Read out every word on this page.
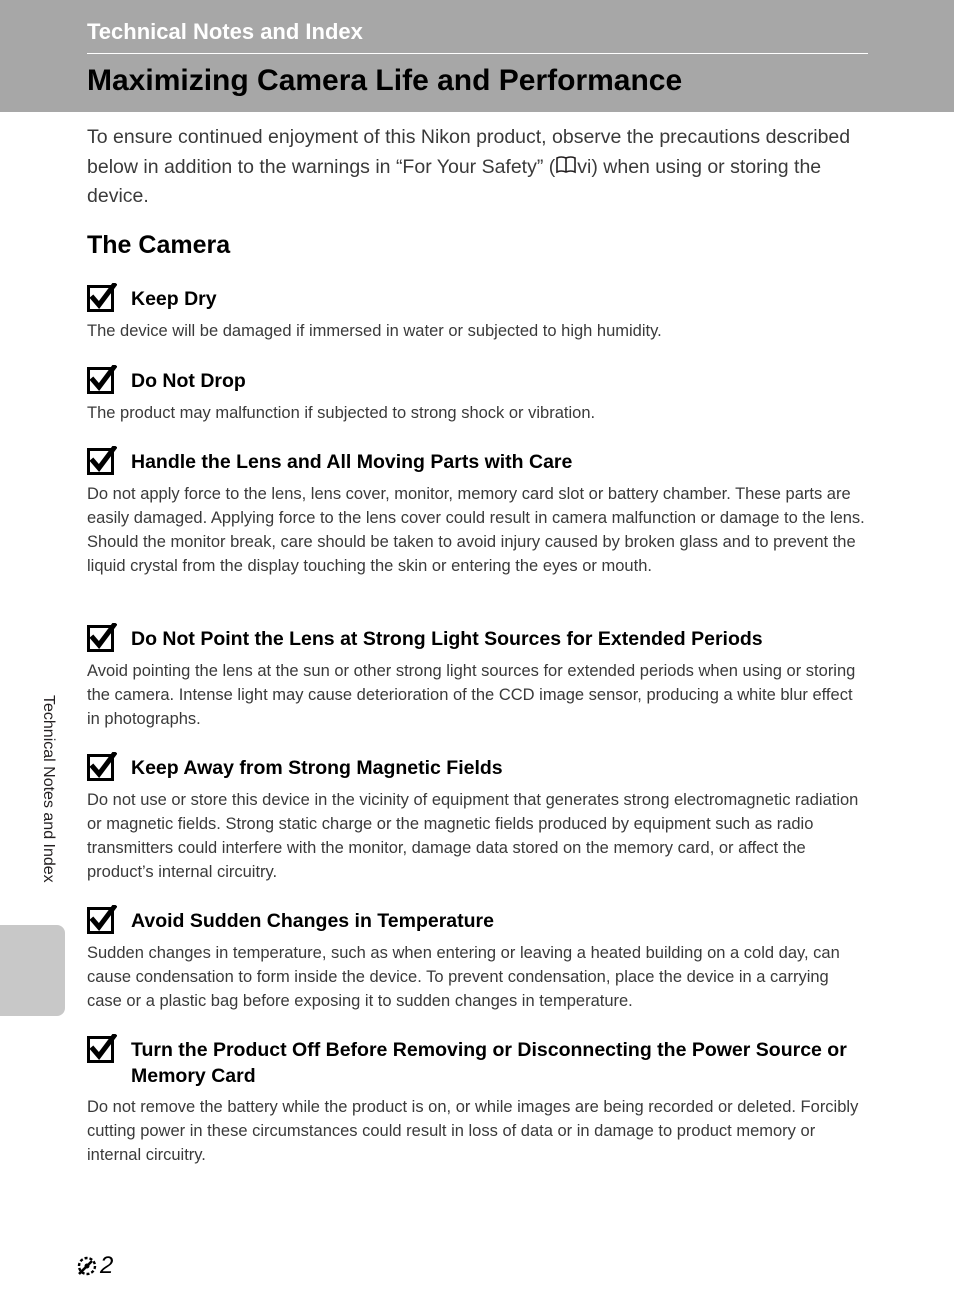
Technical Notes and Index
Maximizing Camera Life and Performance
To ensure continued enjoyment of this Nikon product, observe the precautions described below in addition to the warnings in “For Your Safety” ( vi) when using or storing the device.
The Camera
Keep Dry

The device will be damaged if immersed in water or subjected to high humidity.

Do Not Drop

The product may malfunction if subjected to strong shock or vibration.

Handle the Lens and All Moving Parts with Care

Do not apply force to the lens, lens cover, monitor, memory card slot or battery chamber. These parts are easily damaged. Applying force to the lens cover could result in camera malfunction or damage to the lens. Should the monitor break, care should be taken to avoid injury caused by broken glass and to prevent the liquid crystal from the display touching the skin or entering the eyes or mouth.

Do Not Point the Lens at Strong Light Sources for Extended Periods

Avoid pointing the lens at the sun or other strong light sources for extended periods when using or storing the camera. Intense light may cause deterioration of the CCD image sensor, producing a white blur effect in photographs.

Keep Away from Strong Magnetic Fields

Do not use or store this device in the vicinity of equipment that generates strong electromagnetic radiation or magnetic fields. Strong static charge or the magnetic fields produced by equipment such as radio transmitters could interfere with the monitor, damage data stored on the memory card, or affect the product’s internal circuitry.

Avoid Sudden Changes in Temperature

Sudden changes in temperature, such as when entering or leaving a heated building on a cold day, can cause condensation to form inside the device. To prevent condensation, place the device in a carrying case or a plastic bag before exposing it to sudden changes in temperature.

Turn the Product Off Before Removing or Disconnecting the Power Source or Memory Card

Do not remove the battery while the product is on, or while images are being recorded or deleted. Forcibly cutting power in these circumstances could result in loss of data or in damage to product memory or internal circuitry.

Technical Notes and Index
2
